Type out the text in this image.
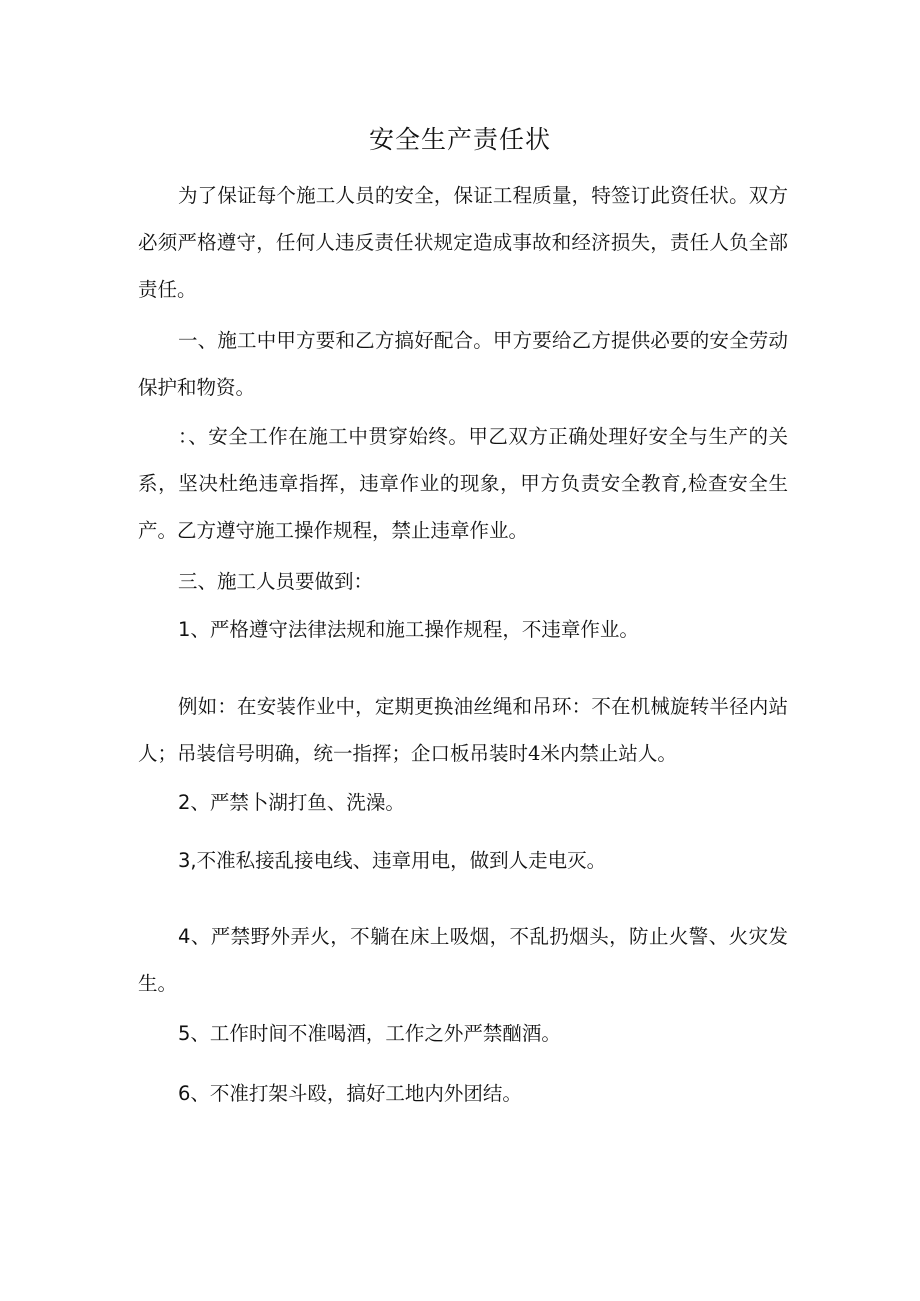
安全生产责任状

为了保证每个施工人员的安全，保证工程质量，特签订此资任状。双方必须严格遵守，任何人违反责任状规定造成事故和经济损失，责任人负全部责任。

一、施工中甲方要和乙方搞好配合。甲方要给乙方提供必要的安全劳动保护和物资。

：、安全工作在施工中贯穿始终。甲乙双方正确处理好安全与生产的关系，坚决杜绝违章指挥，违章作业的现象，甲方负责安全教育,检查安全生产。乙方遵守施工操作规程，禁止违章作业。

三、施工人员要做到：

1、严格遵守法律法规和施工操作规程，不违章作业。

例如：在安装作业中，定期更换油丝绳和吊环：不在机械旋转半径内站人；吊装信号明确，统一指挥；企口板吊装时4米内禁止站人。

2、严禁卜湖打鱼、洗澡。

3,不准私接乱接电线、违章用电，做到人走电灭。

4、严禁野外弄火，不躺在床上吸烟，不乱扔烟头，防止火警、火灾发生。

5、工作时间不准喝酒，工作之外严禁酗酒。

6、不准打架斗殴，搞好工地内外团结。
